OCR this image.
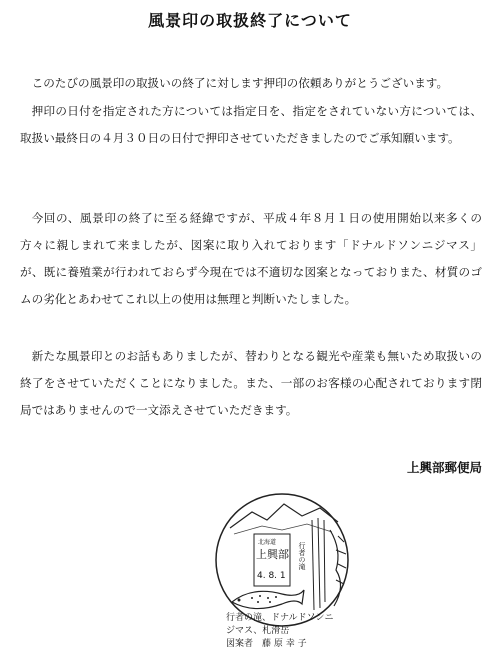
風景印の取扱終了について

このたびの風景印の取扱いの終了に対します押印の依頼ありがとうございます。

押印の日付を指定された方については指定日を、指定をされていない方については、取扱い最終日の４月３０日の日付で押印させていただきましたのでご承知願います。

今回の、風景印の終了に至る経緯ですが、平成４年８月１日の使用開始以来多くの方々に親しまれて来ましたが、図案に取り入れております「ドナルドソンニジマス」が、既に養殖業が行われておらず今現在では不適切な図案となっておりまた、材質のゴムの劣化とあわせてこれ以上の使用は無理と判断いたしました。

新たな風景印とのお話もありましたが、替わりとなる観光や産業も無いため取扱いの終了をさせていただくことになりました。また、一部のお客様の心配されております閉局ではありませんので一文添えさせていただきます。

上興部郵便局
北海道
上興部
4. 8. 1
行者の滝
行者の滝、ドナルドソンニ
ジマス、札滑岳
図案者　藤 原 幸 子
